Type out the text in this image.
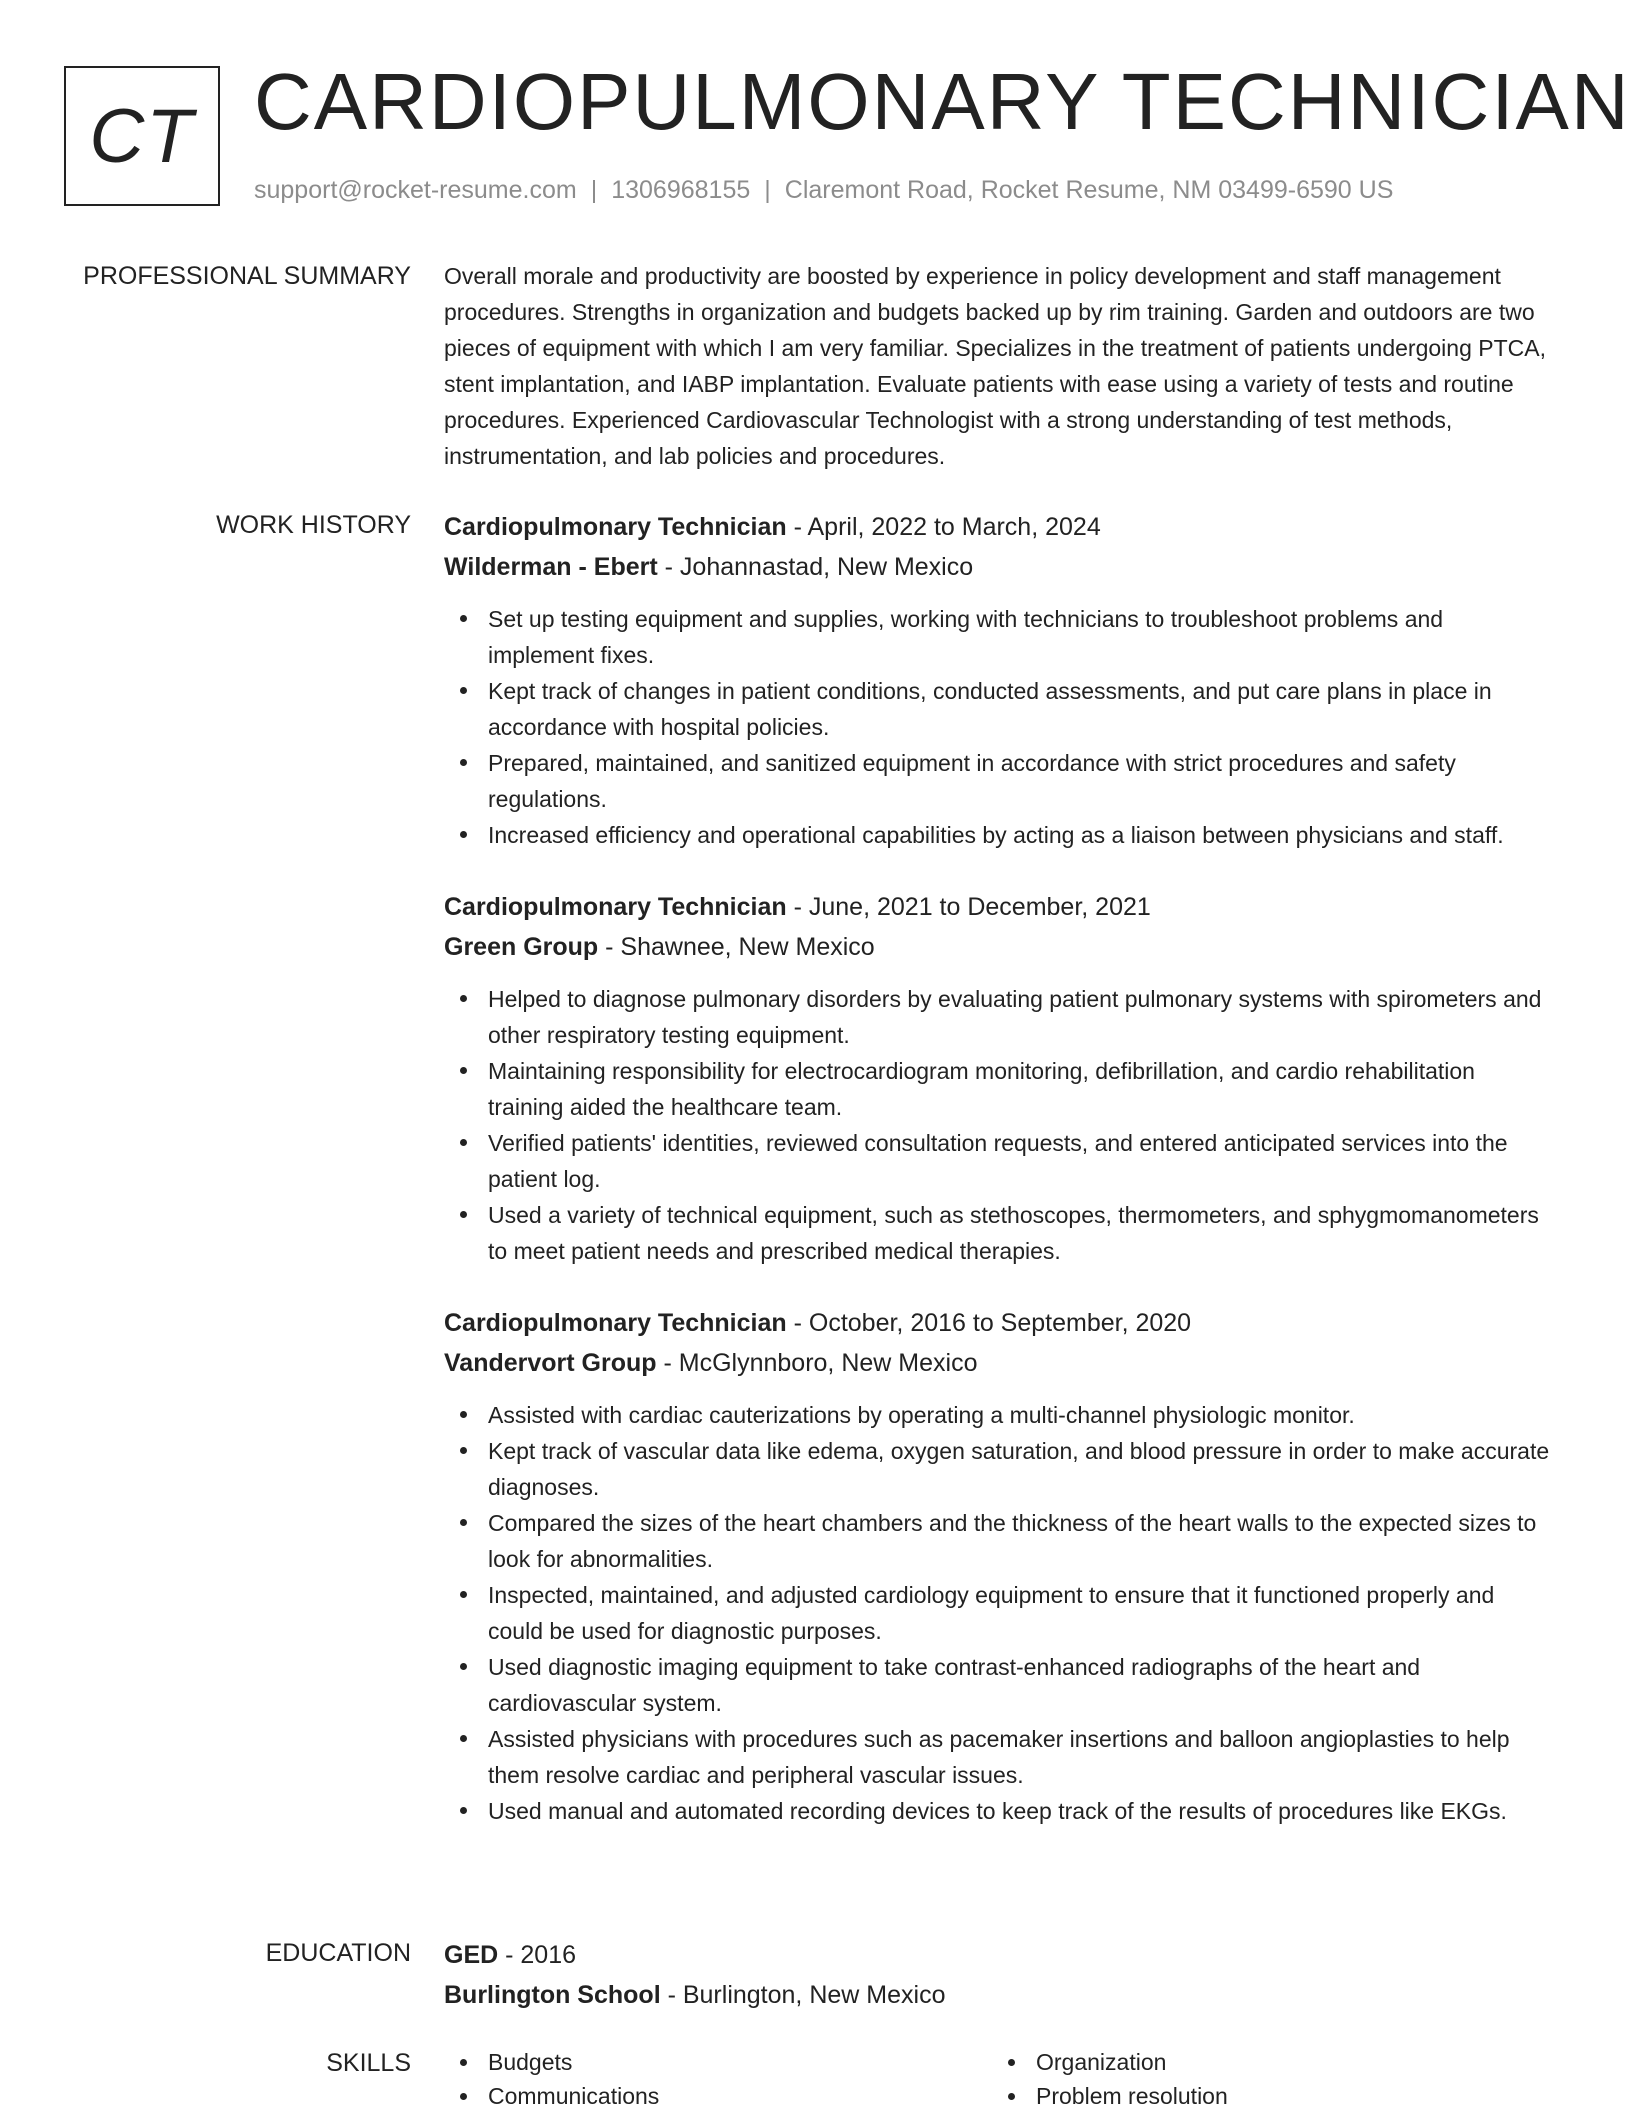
CT CARDIOPULMONARY TECHNICIAN
support@rocket-resume.com | 1306968155 | Claremont Road, Rocket Resume, NM 03499-6590 US
PROFESSIONAL SUMMARY Overall morale and productivity are boosted by experience in policy development and staff management procedures. Strengths in organization and budgets backed up by rim training. Garden and outdoors are two pieces of equipment with which I am very familiar. Specializes in the treatment of patients undergoing PTCA, stent implantation, and IABP implantation. Evaluate patients with ease using a variety of tests and routine procedures. Experienced Cardiovascular Technologist with a strong understanding of test methods, instrumentation, and lab policies and procedures.

WORK HISTORY Cardiopulmonary Technician - April, 2022 to March, 2024
Wilderman - Ebert - Johannastad, New Mexico
Set up testing equipment and supplies, working with technicians to troubleshoot problems and implement fixes.
Kept track of changes in patient conditions, conducted assessments, and put care plans in place in accordance with hospital policies.
Prepared, maintained, and sanitized equipment in accordance with strict procedures and safety regulations.
Increased efficiency and operational capabilities by acting as a liaison between physicians and staff.
Cardiopulmonary Technician - June, 2021 to December, 2021
Green Group - Shawnee, New Mexico
Helped to diagnose pulmonary disorders by evaluating patient pulmonary systems with spirometers and other respiratory testing equipment.
Maintaining responsibility for electrocardiogram monitoring, defibrillation, and cardio rehabilitation training aided the healthcare team.
Verified patients' identities, reviewed consultation requests, and entered anticipated services into the patient log.
Used a variety of technical equipment, such as stethoscopes, thermometers, and sphygmomanometers to meet patient needs and prescribed medical therapies.
Cardiopulmonary Technician - October, 2016 to September, 2020
Vandervort Group - McGlynnboro, New Mexico
Assisted with cardiac cauterizations by operating a multi-channel physiologic monitor.
Kept track of vascular data like edema, oxygen saturation, and blood pressure in order to make accurate diagnoses.
Compared the sizes of the heart chambers and the thickness of the heart walls to the expected sizes to look for abnormalities.
Inspected, maintained, and adjusted cardiology equipment to ensure that it functioned properly and could be used for diagnostic purposes.
Used diagnostic imaging equipment to take contrast-enhanced radiographs of the heart and cardiovascular system.
Assisted physicians with procedures such as pacemaker insertions and balloon angioplasties to help them resolve cardiac and peripheral vascular issues.
Used manual and automated recording devices to keep track of the results of procedures like EKGs.
EDUCATION GED - 2016
Burlington School - Burlington, New Mexico
SKILLS	Budgets
Communications
Organization
Problem resolution
